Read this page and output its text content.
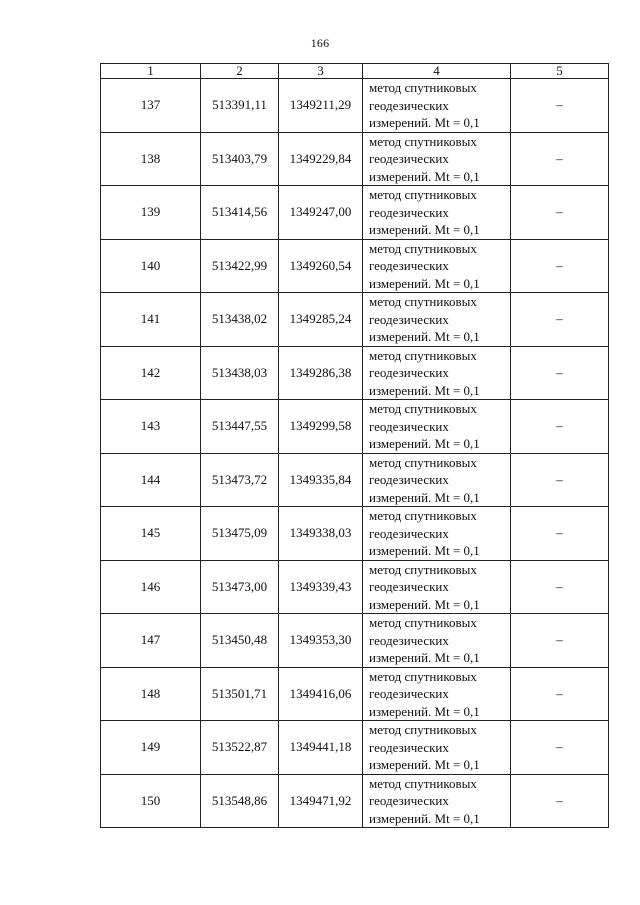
166
1	2	3	4	5
137	513391,11	1349211,29	метод спутниковых
геодезических
измерений. Mt = 0,1	–
138	513403,79	1349229,84	метод спутниковых
геодезических
измерений. Mt = 0,1	–
139	513414,56	1349247,00	метод спутниковых
геодезических
измерений. Mt = 0,1	–
140	513422,99	1349260,54	метод спутниковых
геодезических
измерений. Mt = 0,1	–
141	513438,02	1349285,24	метод спутниковых
геодезических
измерений. Mt = 0,1	–
142	513438,03	1349286,38	метод спутниковых
геодезических
измерений. Mt = 0,1	–
143	513447,55	1349299,58	метод спутниковых
геодезических
измерений. Mt = 0,1	–
144	513473,72	1349335,84	метод спутниковых
геодезических
измерений. Mt = 0,1	–
145	513475,09	1349338,03	метод спутниковых
геодезических
измерений. Mt = 0,1	–
146	513473,00	1349339,43	метод спутниковых
геодезических
измерений. Mt = 0,1	–
147	513450,48	1349353,30	метод спутниковых
геодезических
измерений. Mt = 0,1	–
148	513501,71	1349416,06	метод спутниковых
геодезических
измерений. Mt = 0,1	–
149	513522,87	1349441,18	метод спутниковых
геодезических
измерений. Mt = 0,1	–
150	513548,86	1349471,92	метод спутниковых
геодезических
измерений. Mt = 0,1	–
